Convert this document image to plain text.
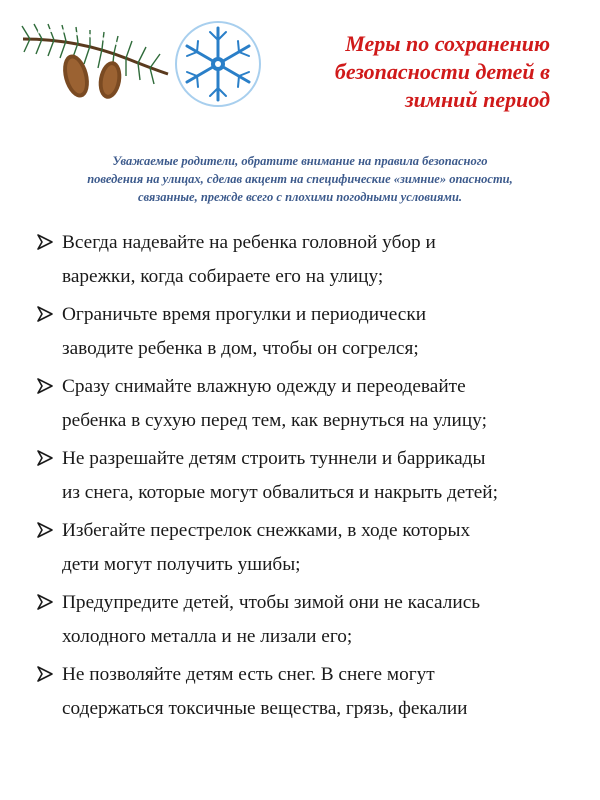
Меры по сохранению
безопасности детей в
зимний период
Уважаемые родители, обратите внимание на правила безопасного
поведения на улицах, сделав акцент на специфические «зимние» опасности,
связанные, прежде всего с плохими погодными условиями.
Всегда надевайте на ребенка головной убор и
варежки, когда собираете его на улицу;
Ограничьте время прогулки и периодически
заводите ребенка в дом, чтобы он согрелся;
Сразу снимайте влажную одежду и переодевайте
ребенка в сухую перед тем, как вернуться на улицу;
Не разрешайте детям строить туннели и баррикады
из снега, которые могут обвалиться и накрыть детей;
Избегайте перестрелок снежками, в ходе которых
дети могут получить ушибы;
Предупредите детей, чтобы зимой они не касались
холодного металла и не лизали его;
Не позволяйте детям есть снег. В снеге могут
содержаться токсичные вещества, грязь, фекалии
